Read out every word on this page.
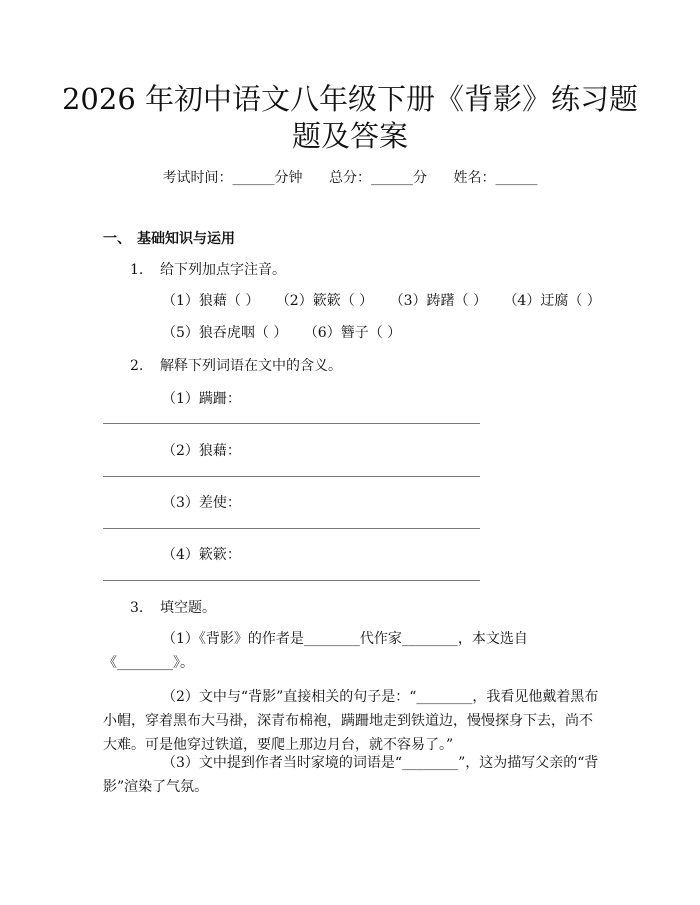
2026 年初中语文八年级下册《背影》练习题
题及答案
考试时间：______分钟 总分：______分 姓名：______
一、 基础知识与运用
1. 给下列加点字注音。
（1）狼藉（ ） （2）簌簌（ ） （3）踌躇（ ） （4）迂腐（ ）
（5）狼吞虎咽（ ） （6）簪子（ ）
2. 解释下列词语在文中的含义。
（1）蹒跚：
（2）狼藉：
（3）差使：
（4）簌簌：
3. 填空题。

（1）《背影》的作者是________代作家________，本文选自《________》。

（2）文中与“背影”直接相关的句子是：“________，我看见他戴着黑布小帽，穿着黑布大马褂，深青布棉袍，蹒跚地走到铁道边，慢慢探身下去，尚不大难。可是他穿过铁道，要爬上那边月台，就不容易了。”

（3）文中提到作者当时家境的词语是“________”，这为描写父亲的“背影”渲染了气氛。
